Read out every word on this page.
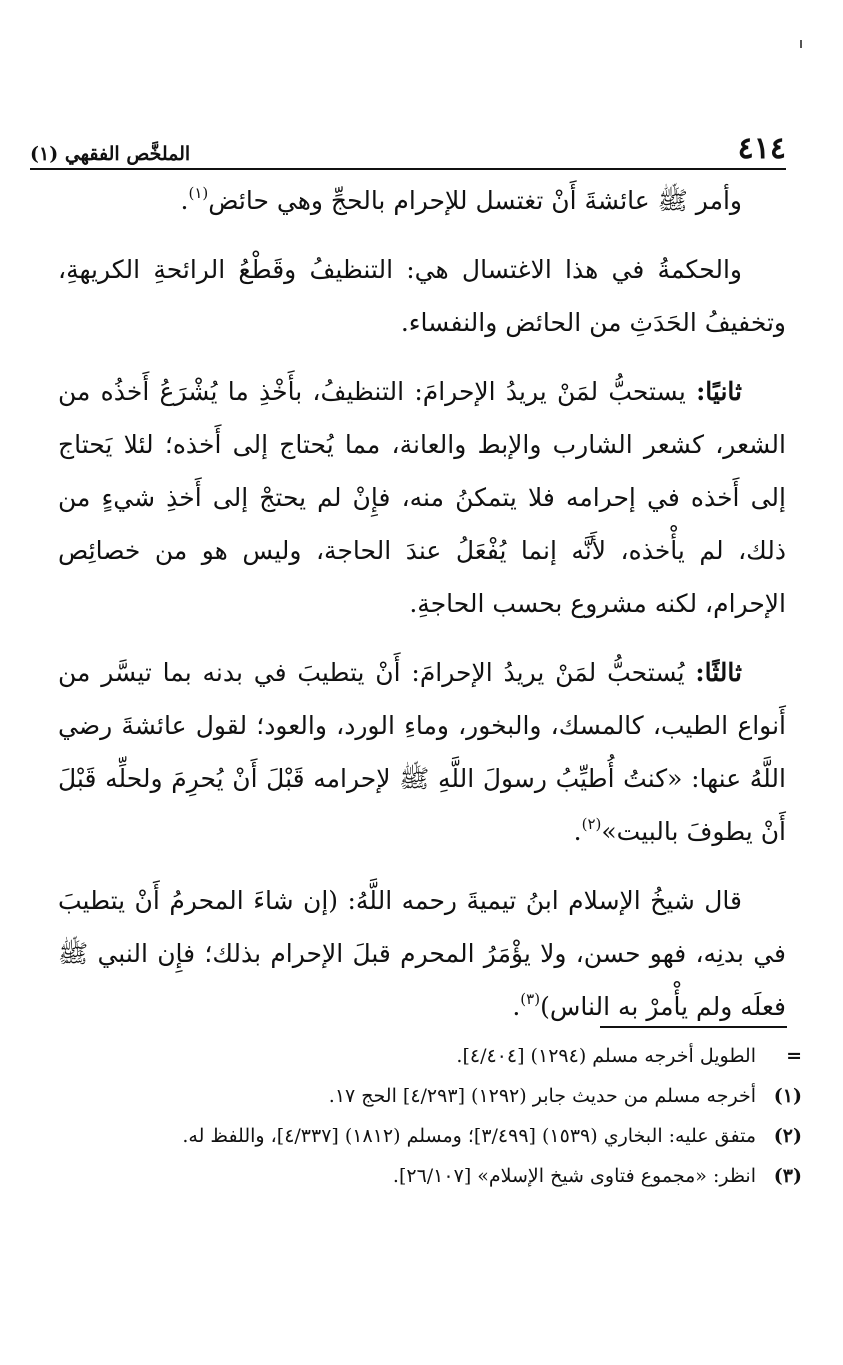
٤١٤
الملخَّص الفقهي (١)

وأمر ﷺ عائشةَ أَنْ تغتسل للإحرام بالحجِّ وهي حائض$^{(١)}$.

والحكمةُ في هذا الاغتسال هي: التنظيفُ وقَطْعُ الرائحةِ الكريهةِ، وتخفيفُ الحَدَثِ من الحائض والنفساء.

ثانيًا: يستحبُّ لمَنْ يريدُ الإحرامَ: التنظيفُ، بأَخْذِ ما يُشْرَعُ أَخذُه من الشعر، كشعر الشارب والإبط والعانة، مما يُحتاج إلى أَخذه؛ لئلا يَحتاج إلى أَخذه في إحرامه فلا يتمكنُ منه، فإِنْ لم يحتجْ إلى أَخذِ شيءٍ من ذلك، لم يأْخذه، لأَنَّه إنما يُفْعَلُ عندَ الحاجة، وليس هو من خصائِص الإحرام، لكنه مشروع بحسب الحاجةِ.

ثالثًا: يُستحبُّ لمَنْ يريدُ الإحرامَ: أَنْ يتطيبَ في بدنه بما تيسَّر من أَنواع الطيب، كالمسك، والبخور، وماءِ الورد، والعود؛ لقول عائشةَ رضي اللَّهُ عنها: «كنتُ أُطيِّبُ رسولَ اللَّهِ ﷺ لإحرامه قَبْلَ أَنْ يُحرِمَ ولحلِّه قَبْلَ أَنْ يطوفَ بالبيت»$^{(٢)}$.

قال شيخُ الإسلام ابنُ تيميةَ رحمه اللَّهُ: (إن شاءَ المحرمُ أَنْ يتطيبَ في بدنِه، فهو حسن، ولا يؤْمَرُ المحرم قبلَ الإحرام بذلك؛ فإِن النبي ﷺ فعلَه ولم يأْمرْ به الناس)$^{(٣)}$.

=
الطويل أخرجه مسلم (١٢٩٤) [٤/٤٠٤].
(١)
أخرجه مسلم من حديث جابر (١٢٩٢) [٤/٢٩٣] الحج ١٧.
(٢)
متفق عليه: البخاري (١٥٣٩) [٣/٤٩٩]؛ ومسلم (١٨١٢) [٤/٣٣٧]، واللفظ له.
(٣)
انظر: «مجموع فتاوى شيخ الإسلام» [٢٦/١٠٧].
